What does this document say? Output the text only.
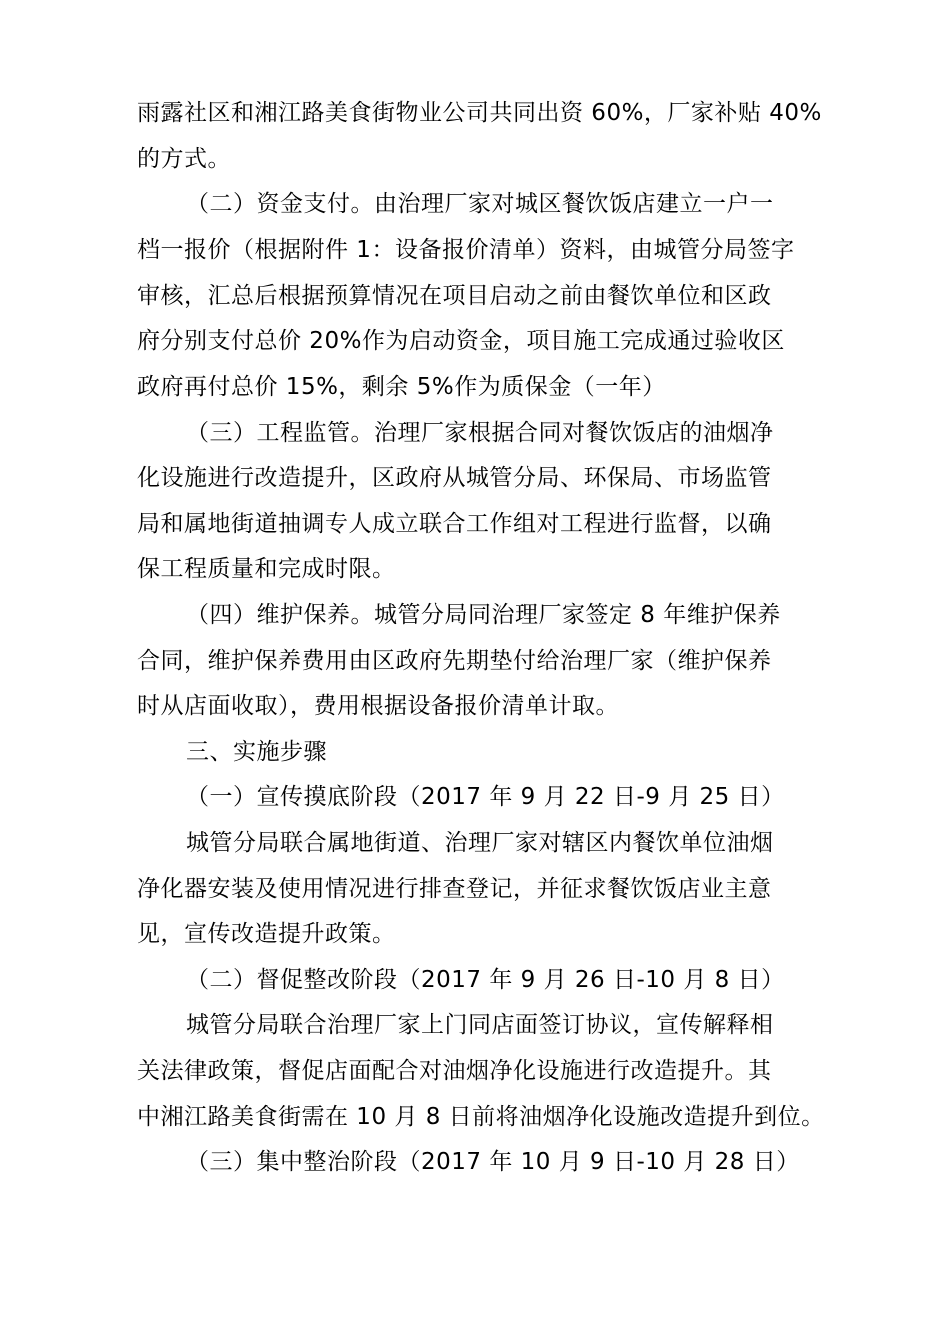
雨露社区和湘江路美食街物业公司共同出资 60%，厂家补贴 40%
的方式。
（二）资金支付。由治理厂家对城区餐饮饭店建立一户一
档一报价（根据附件 1：设备报价清单）资料，由城管分局签字
审核，汇总后根据预算情况在项目启动之前由餐饮单位和区政
府分别支付总价 20%作为启动资金，项目施工完成通过验收区
政府再付总价 15%，剩余 5%作为质保金（一年）
（三）工程监管。治理厂家根据合同对餐饮饭店的油烟净
化设施进行改造提升，区政府从城管分局、环保局、市场监管
局和属地街道抽调专人成立联合工作组对工程进行监督，以确
保工程质量和完成时限。
（四）维护保养。城管分局同治理厂家签定 8 年维护保养
合同，维护保养费用由区政府先期垫付给治理厂家（维护保养
时从店面收取），费用根据设备报价清单计取。
三、实施步骤
（一）宣传摸底阶段（2017 年 9 月 22 日-9 月 25 日）
城管分局联合属地街道、治理厂家对辖区内餐饮单位油烟
净化器安装及使用情况进行排查登记，并征求餐饮饭店业主意
见，宣传改造提升政策。
（二）督促整改阶段（2017 年 9 月 26 日-10 月 8 日）
城管分局联合治理厂家上门同店面签订协议，宣传解释相
关法律政策，督促店面配合对油烟净化设施进行改造提升。其
中湘江路美食街需在 10 月 8 日前将油烟净化设施改造提升到位。
（三）集中整治阶段（2017 年 10 月 9 日-10 月 28 日）
